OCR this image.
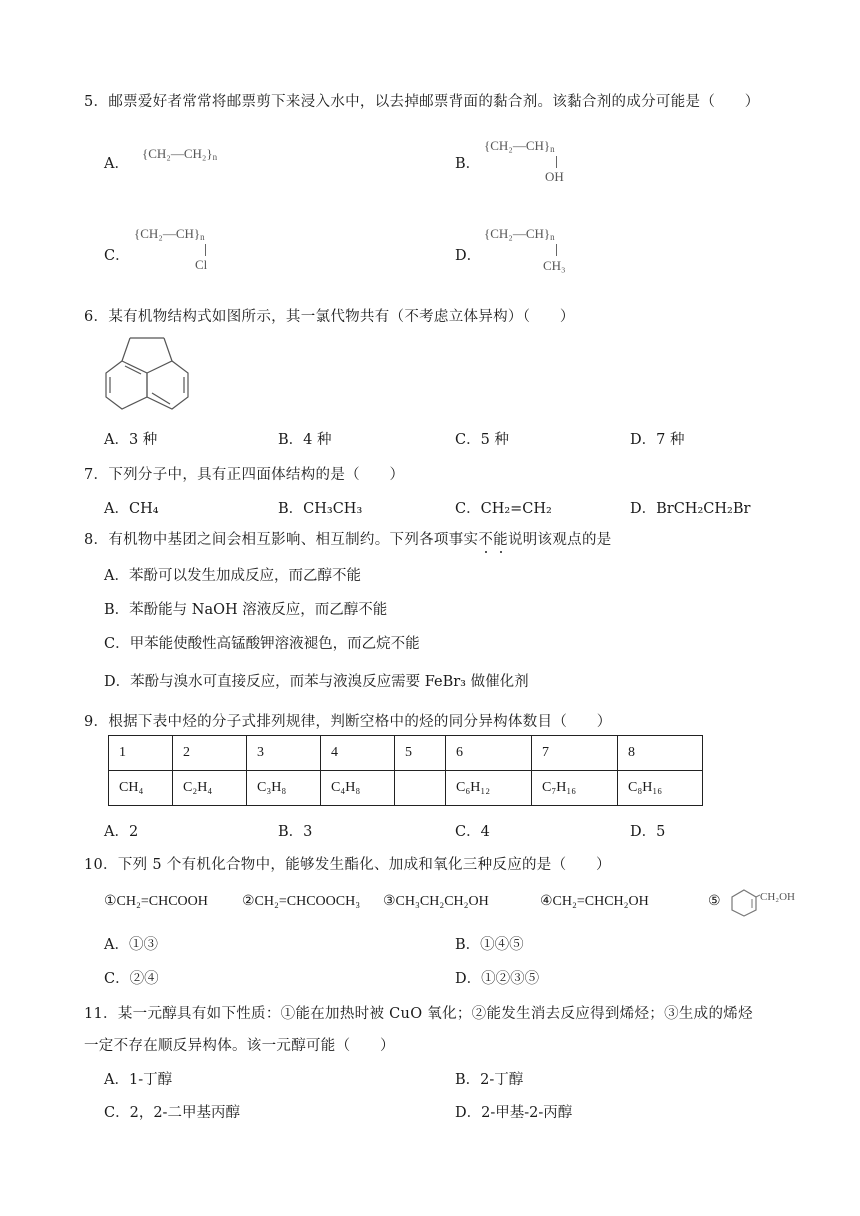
5．邮票爱好者常常将邮票剪下来浸入水中，以去掉邮票背面的黏合剂。该黏合剂的成分可能是（　　）
A．
$\{CH_2—CH_2\}_n$	B．
$\{CH_2—CH\}_n$
OH
C．
$\{CH_2—CH\}_n$
Cl
D．
$\{CH_2—CH\}_n$
CH₃
6．某有机物结构式如图所示，其一氯代物共有（不考虑立体异构）（　　）
A．3 种	B．4 种	C．5 种	D．7 种
7．下列分子中，具有正四面体结构的是（　　）
A．CH₄	B．CH₃CH₃	C．CH₂=CH₂	D．BrCH₂CH₂Br
8．有机物中基团之间会相互影响、相互制约。下列各项事实不能说明该观点的是
A．苯酚可以发生加成反应，而乙醇不能
B．苯酚能与 NaOH 溶液反应，而乙醇不能
C．甲苯能使酸性高锰酸钾溶液褪色，而乙烷不能
D．苯酚与溴水可直接反应，而苯与液溴反应需要 FeBr₃ 做催化剂
9．根据下表中烃的分子式排列规律，判断空格中的烃的同分异构体数目（　　）
1	2	3	4	5	6	7	8
CH₄	C₂H₄	C₃H₈	C₄H₈		C₆H₁₂	C₇H₁₆	C₈H₁₆
A．2	B．3	C．4	D．5
10．下列 5 个有机化合物中，能够发生酯化、加成和氧化三种反应的是（　　）
①CH₂=CHCOOH ②CH₂=CHCOOCH₃ ③CH₃CH₂CH₂OH	④CH₂=CHCH₂OH	⑤	CH₂OH
A．①③	B．①④⑤
C．②④	D．①②③⑤
11．某一元醇具有如下性质：①能在加热时被 CuO 氧化；②能发生消去反应得到烯烃；③生成的烯烃
一定不存在顺反异构体。该一元醇可能（　　）
A．1-丁醇	B．2-丁醇
C．2，2-二甲基丙醇	D．2-甲基-2-丙醇
